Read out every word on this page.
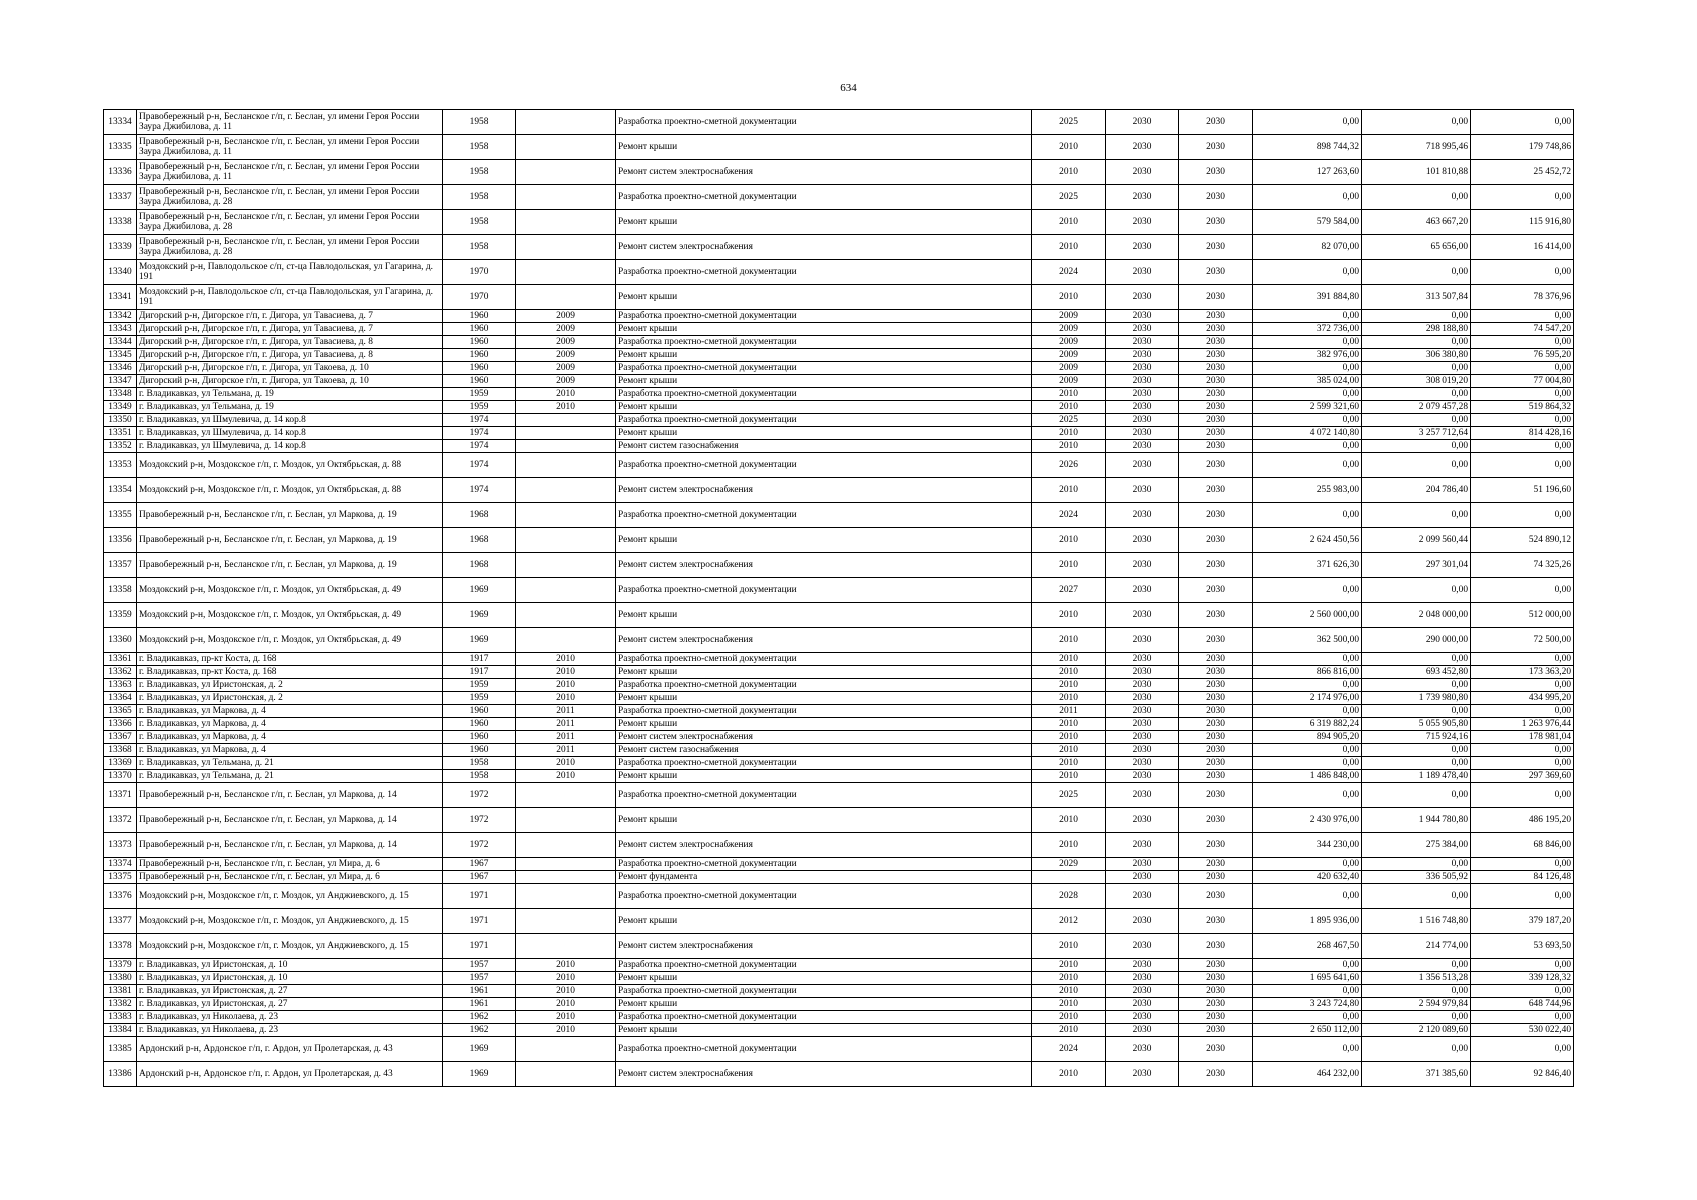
634
13334	Правобережный р-н, Бесланское г/п, г. Беслан, ул имени Героя России Заура Джибилова, д. 11	1958		Разработка проектно-сметной документации	2025	2030	2030	0,00	0,00	0,00
13335	Правобережный р-н, Бесланское г/п, г. Беслан, ул имени Героя России Заура Джибилова, д. 11	1958		Ремонт крыши	2010	2030	2030	898 744,32	718 995,46	179 748,86
13336	Правобережный р-н, Бесланское г/п, г. Беслан, ул имени Героя России Заура Джибилова, д. 11	1958		Ремонт систем электроснабжения	2010	2030	2030	127 263,60	101 810,88	25 452,72
13337	Правобережный р-н, Бесланское г/п, г. Беслан, ул имени Героя России Заура Джибилова, д. 28	1958		Разработка проектно-сметной документации	2025	2030	2030	0,00	0,00	0,00
13338	Правобережный р-н, Бесланское г/п, г. Беслан, ул имени Героя России Заура Джибилова, д. 28	1958		Ремонт крыши	2010	2030	2030	579 584,00	463 667,20	115 916,80
13339	Правобережный р-н, Бесланское г/п, г. Беслан, ул имени Героя России Заура Джибилова, д. 28	1958		Ремонт систем электроснабжения	2010	2030	2030	82 070,00	65 656,00	16 414,00
13340	Моздокский р-н, Павлодольское с/п, ст-ца Павлодольская, ул Гагарина, д. 191	1970		Разработка проектно-сметной документации	2024	2030	2030	0,00	0,00	0,00
13341	Моздокский р-н, Павлодольское с/п, ст-ца Павлодольская, ул Гагарина, д. 191	1970		Ремонт крыши	2010	2030	2030	391 884,80	313 507,84	78 376,96
13342	Дигорский р-н, Дигорское г/п, г. Дигора, ул Тавасиева, д. 7	1960	2009	Разработка проектно-сметной документации	2009	2030	2030	0,00	0,00	0,00
13343	Дигорский р-н, Дигорское г/п, г. Дигора, ул Тавасиева, д. 7	1960	2009	Ремонт крыши	2009	2030	2030	372 736,00	298 188,80	74 547,20
13344	Дигорский р-н, Дигорское г/п, г. Дигора, ул Тавасиева, д. 8	1960	2009	Разработка проектно-сметной документации	2009	2030	2030	0,00	0,00	0,00
13345	Дигорский р-н, Дигорское г/п, г. Дигора, ул Тавасиева, д. 8	1960	2009	Ремонт крыши	2009	2030	2030	382 976,00	306 380,80	76 595,20
13346	Дигорский р-н, Дигорское г/п, г. Дигора, ул Такоева, д. 10	1960	2009	Разработка проектно-сметной документации	2009	2030	2030	0,00	0,00	0,00
13347	Дигорский р-н, Дигорское г/п, г. Дигора, ул Такоева, д. 10	1960	2009	Ремонт крыши	2009	2030	2030	385 024,00	308 019,20	77 004,80
13348	г. Владикавказ, ул Тельмана, д. 19	1959	2010	Разработка проектно-сметной документации	2010	2030	2030	0,00	0,00	0,00
13349	г. Владикавказ, ул Тельмана, д. 19	1959	2010	Ремонт крыши	2010	2030	2030	2 599 321,60	2 079 457,28	519 864,32
13350	г. Владикавказ, ул Шмулевича, д. 14 кор.8	1974		Разработка проектно-сметной документации	2025	2030	2030	0,00	0,00	0,00
13351	г. Владикавказ, ул Шмулевича, д. 14 кор.8	1974		Ремонт крыши	2010	2030	2030	4 072 140,80	3 257 712,64	814 428,16
13352	г. Владикавказ, ул Шмулевича, д. 14 кор.8	1974		Ремонт систем газоснабжения	2010	2030	2030	0,00	0,00	0,00
13353	Моздокский р-н, Моздокское г/п, г. Моздок, ул Октябрьская, д. 88	1974		Разработка проектно-сметной документации	2026	2030	2030	0,00	0,00	0,00
13354	Моздокский р-н, Моздокское г/п, г. Моздок, ул Октябрьская, д. 88	1974		Ремонт систем электроснабжения	2010	2030	2030	255 983,00	204 786,40	51 196,60
13355	Правобережный р-н, Бесланское г/п, г. Беслан, ул Маркова, д. 19	1968		Разработка проектно-сметной документации	2024	2030	2030	0,00	0,00	0,00
13356	Правобережный р-н, Бесланское г/п, г. Беслан, ул Маркова, д. 19	1968		Ремонт крыши	2010	2030	2030	2 624 450,56	2 099 560,44	524 890,12
13357	Правобережный р-н, Бесланское г/п, г. Беслан, ул Маркова, д. 19	1968		Ремонт систем электроснабжения	2010	2030	2030	371 626,30	297 301,04	74 325,26
13358	Моздокский р-н, Моздокское г/п, г. Моздок, ул Октябрьская, д. 49	1969		Разработка проектно-сметной документации	2027	2030	2030	0,00	0,00	0,00
13359	Моздокский р-н, Моздокское г/п, г. Моздок, ул Октябрьская, д. 49	1969		Ремонт крыши	2010	2030	2030	2 560 000,00	2 048 000,00	512 000,00
13360	Моздокский р-н, Моздокское г/п, г. Моздок, ул Октябрьская, д. 49	1969		Ремонт систем электроснабжения	2010	2030	2030	362 500,00	290 000,00	72 500,00
13361	г. Владикавказ, пр-кт Коста, д. 168	1917	2010	Разработка проектно-сметной документации	2010	2030	2030	0,00	0,00	0,00
13362	г. Владикавказ, пр-кт Коста, д. 168	1917	2010	Ремонт крыши	2010	2030	2030	866 816,00	693 452,80	173 363,20
13363	г. Владикавказ, ул Иристонская, д. 2	1959	2010	Разработка проектно-сметной документации	2010	2030	2030	0,00	0,00	0,00
13364	г. Владикавказ, ул Иристонская, д. 2	1959	2010	Ремонт крыши	2010	2030	2030	2 174 976,00	1 739 980,80	434 995,20
13365	г. Владикавказ, ул Маркова, д. 4	1960	2011	Разработка проектно-сметной документации	2011	2030	2030	0,00	0,00	0,00
13366	г. Владикавказ, ул Маркова, д. 4	1960	2011	Ремонт крыши	2010	2030	2030	6 319 882,24	5 055 905,80	1 263 976,44
13367	г. Владикавказ, ул Маркова, д. 4	1960	2011	Ремонт систем электроснабжения	2010	2030	2030	894 905,20	715 924,16	178 981,04
13368	г. Владикавказ, ул Маркова, д. 4	1960	2011	Ремонт систем газоснабжения	2010	2030	2030	0,00	0,00	0,00
13369	г. Владикавказ, ул Тельмана, д. 21	1958	2010	Разработка проектно-сметной документации	2010	2030	2030	0,00	0,00	0,00
13370	г. Владикавказ, ул Тельмана, д. 21	1958	2010	Ремонт крыши	2010	2030	2030	1 486 848,00	1 189 478,40	297 369,60
13371	Правобережный р-н, Бесланское г/п, г. Беслан, ул Маркова, д. 14	1972		Разработка проектно-сметной документации	2025	2030	2030	0,00	0,00	0,00
13372	Правобережный р-н, Бесланское г/п, г. Беслан, ул Маркова, д. 14	1972		Ремонт крыши	2010	2030	2030	2 430 976,00	1 944 780,80	486 195,20
13373	Правобережный р-н, Бесланское г/п, г. Беслан, ул Маркова, д. 14	1972		Ремонт систем электроснабжения	2010	2030	2030	344 230,00	275 384,00	68 846,00
13374	Правобережный р-н, Бесланское г/п, г. Беслан, ул Мира, д. 6	1967		Разработка проектно-сметной документации	2029	2030	2030	0,00	0,00	0,00
13375	Правобережный р-н, Бесланское г/п, г. Беслан, ул Мира, д. 6	1967		Ремонт фундамента		2030	2030	420 632,40	336 505,92	84 126,48
13376	Моздокский р-н, Моздокское г/п, г. Моздок, ул Анджиевского, д. 15	1971		Разработка проектно-сметной документации	2028	2030	2030	0,00	0,00	0,00
13377	Моздокский р-н, Моздокское г/п, г. Моздок, ул Анджиевского, д. 15	1971		Ремонт крыши	2012	2030	2030	1 895 936,00	1 516 748,80	379 187,20
13378	Моздокский р-н, Моздокское г/п, г. Моздок, ул Анджиевского, д. 15	1971		Ремонт систем электроснабжения	2010	2030	2030	268 467,50	214 774,00	53 693,50
13379	г. Владикавказ, ул Иристонская, д. 10	1957	2010	Разработка проектно-сметной документации	2010	2030	2030	0,00	0,00	0,00
13380	г. Владикавказ, ул Иристонская, д. 10	1957	2010	Ремонт крыши	2010	2030	2030	1 695 641,60	1 356 513,28	339 128,32
13381	г. Владикавказ, ул Иристонская, д. 27	1961	2010	Разработка проектно-сметной документации	2010	2030	2030	0,00	0,00	0,00
13382	г. Владикавказ, ул Иристонская, д. 27	1961	2010	Ремонт крыши	2010	2030	2030	3 243 724,80	2 594 979,84	648 744,96
13383	г. Владикавказ, ул Николаева, д. 23	1962	2010	Разработка проектно-сметной документации	2010	2030	2030	0,00	0,00	0,00
13384	г. Владикавказ, ул Николаева, д. 23	1962	2010	Ремонт крыши	2010	2030	2030	2 650 112,00	2 120 089,60	530 022,40
13385	Ардонский р-н, Ардонское г/п, г. Ардон, ул Пролетарская, д. 43	1969		Разработка проектно-сметной документации	2024	2030	2030	0,00	0,00	0,00
13386	Ардонский р-н, Ардонское г/п, г. Ардон, ул Пролетарская, д. 43	1969		Ремонт систем электроснабжения	2010	2030	2030	464 232,00	371 385,60	92 846,40
